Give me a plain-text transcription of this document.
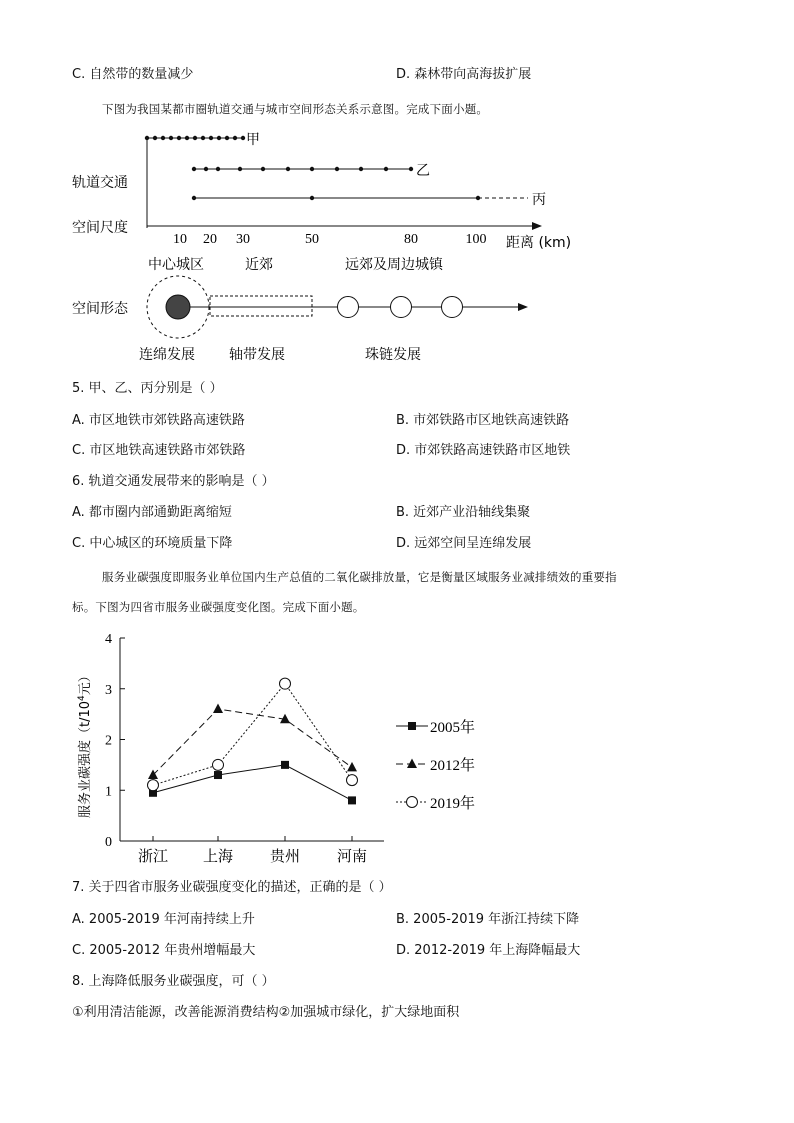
C. 自然带的数量减少	D. 森林带向高海拔扩展
下图为我国某都市圈轨道交通与城市空间形态关系示意图。完成下面小题。
甲
乙
丙
轨道交通
空间尺度
10 20 30	50	80	100 距离 (km)
中心城区	近郊	远郊及周边城镇
空间形态
连绵发展 轴带发展	珠链发展
5. 甲、乙、丙分别是（ ）
A. 市区地铁市郊铁路高速铁路	B. 市郊铁路市区地铁高速铁路
C. 市区地铁高速铁路市郊铁路	D. 市郊铁路高速铁路市区地铁
6. 轨道交通发展带来的影响是（ ）
A. 都市圈内部通勤距离缩短	B. 近郊产业沿轴线集聚
C. 中心城区的环境质量下降	D. 远郊空间呈连绵发展
服务业碳强度即服务业单位国内生产总值的二氧化碳排放量，它是衡量区域服务业减排绩效的重要指
标。下图为四省市服务业碳强度变化图。完成下面小题。
0
1
2
3
4
浙江 上海 贵州 河南
服务业碳强度（$t/10^4$元）
2005年
2012年
2019年
7. 关于四省市服务业碳强度变化的描述，正确的是（ ）
A. 2005-2019 年河南持续上升	B. 2005-2019 年浙江持续下降
C. 2005-2012 年贵州增幅最大	D. 2012-2019 年上海降幅最大
8. 上海降低服务业碳强度，可（ ）
①利用清洁能源，改善能源消费结构②加强城市绿化，扩大绿地面积
